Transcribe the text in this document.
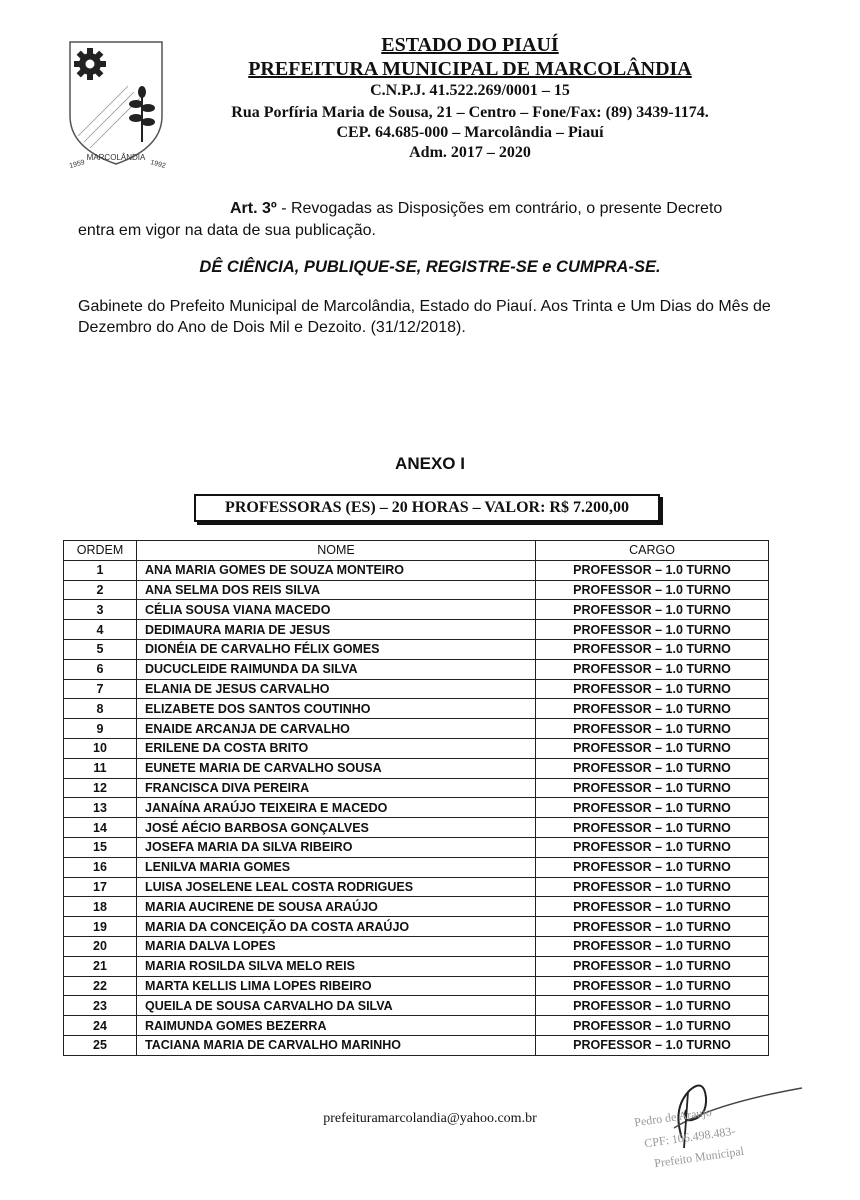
MARCOLÂNDIA
1959	1992
ESTADO DO PIAUÍ
PREFEITURA MUNICIPAL DE MARCOLÂNDIA
C.N.P.J. 41.522.269/0001 – 15
Rua Porfíria Maria de Sousa, 21 – Centro – Fone/Fax: (89) 3439-1174.
CEP. 64.685-000 – Marcolândia – Piauí
Adm. 2017 – 2020
Art. 3º - Revogadas as Disposições em contrário, o presente Decreto entra em vigor na data de sua publicação.
DÊ CIÊNCIA, PUBLIQUE-SE, REGISTRE-SE e CUMPRA-SE.
Gabinete do Prefeito Municipal de Marcolândia, Estado do Piauí. Aos Trinta e Um Dias do Mês de Dezembro do Ano de Dois Mil e Dezoito. (31/12/2018).
ANEXO I
PROFESSORAS (ES) – 20 HORAS – VALOR: R$ 7.200,00
ORDEM	NOME	CARGO
1	ANA MARIA GOMES DE SOUZA MONTEIRO	PROFESSOR – 1.0 TURNO
2	ANA SELMA DOS REIS SILVA	PROFESSOR – 1.0 TURNO
3	CÉLIA SOUSA VIANA MACEDO	PROFESSOR – 1.0 TURNO
4	DEDIMAURA MARIA DE JESUS	PROFESSOR – 1.0 TURNO
5	DIONÉIA DE CARVALHO FÉLIX GOMES	PROFESSOR – 1.0 TURNO
6	DUCUCLEIDE RAIMUNDA DA SILVA	PROFESSOR – 1.0 TURNO
7	ELANIA DE JESUS CARVALHO	PROFESSOR – 1.0 TURNO
8	ELIZABETE DOS SANTOS COUTINHO	PROFESSOR – 1.0 TURNO
9	ENAIDE ARCANJA DE CARVALHO	PROFESSOR – 1.0 TURNO
10	ERILENE DA COSTA BRITO	PROFESSOR – 1.0 TURNO
11	EUNETE MARIA DE CARVALHO SOUSA	PROFESSOR – 1.0 TURNO
12	FRANCISCA DIVA PEREIRA	PROFESSOR – 1.0 TURNO
13	JANAÍNA ARAÚJO TEIXEIRA E MACEDO	PROFESSOR – 1.0 TURNO
14	JOSÉ AÉCIO BARBOSA GONÇALVES	PROFESSOR – 1.0 TURNO
15	JOSEFA MARIA DA SILVA RIBEIRO	PROFESSOR – 1.0 TURNO
16	LENILVA MARIA GOMES	PROFESSOR – 1.0 TURNO
17	LUISA JOSELENE LEAL COSTA RODRIGUES	PROFESSOR – 1.0 TURNO
18	MARIA AUCIRENE DE SOUSA ARAÚJO	PROFESSOR – 1.0 TURNO
19	MARIA DA CONCEIÇÃO DA COSTA ARAÚJO	PROFESSOR – 1.0 TURNO
20	MARIA DALVA LOPES	PROFESSOR – 1.0 TURNO
21	MARIA ROSILDA SILVA MELO REIS	PROFESSOR – 1.0 TURNO
22	MARTA KELLIS LIMA LOPES RIBEIRO	PROFESSOR – 1.0 TURNO
23	QUEILA DE SOUSA CARVALHO DA SILVA	PROFESSOR – 1.0 TURNO
24	RAIMUNDA GOMES BEZERRA	PROFESSOR – 1.0 TURNO
25	TACIANA MARIA DE CARVALHO MARINHO	PROFESSOR – 1.0 TURNO
prefeituramarcolandia@yahoo.com.br	Pedro de Araujo
CPF: 106.498.483-
Prefeito Municipal
